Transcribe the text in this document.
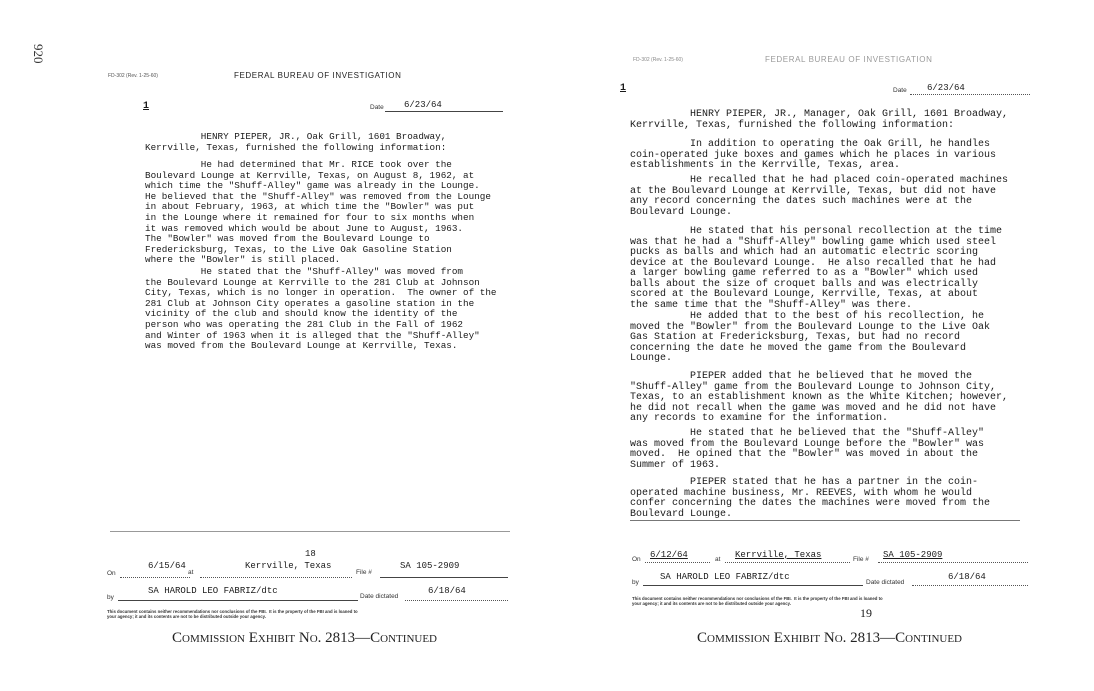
920
FD-302 (Rev. 1-25-60)	FEDERAL BUREAU OF INVESTIGATION
1	Date 6/23/64
HENRY PIEPER, JR., Oak Grill, 1601 Broadway,
Kerrville, Texas, furnished the following information:
He had determined that Mr. RICE took over the
Boulevard Lounge at Kerrville, Texas, on August 8, 1962, at
which time the "Shuff-Alley" game was already in the Lounge.
He believed that the "Shuff-Alley" was removed from the Lounge
in about February, 1963, at which time the "Bowler" was put
in the Lounge where it remained for four to six months when
it was removed which would be about June to August, 1963.
The "Bowler" was moved from the Boulevard Lounge to
Fredericksburg, Texas, to the Live Oak Gasoline Station
where the "Bowler" is still placed.
He stated that the "Shuff-Alley" was moved from
the Boulevard Lounge at Kerrville to the 281 Club at Johnson
City, Texas, which is no longer in operation.  The owner of the
281 Club at Johnson City operates a gasoline station in the
vicinity of the club and should know the identity of the
person who was operating the 281 Club in the Fall of 1962
and Winter of 1963 when it is alleged that the "Shuff-Alley"
was moved from the Boulevard Lounge at Kerrville, Texas.
18
On
6/15/64
at
Kerrville, Texas
File #
SA 105-2909
by
SA HAROLD LEO FABRIZ/dtc
Date dictated
6/18/64
This document contains neither recommendations nor conclusions of the FBI.  It is the property of the FBI and is loaned to
your agency; it and its contents are not to be distributed outside your agency.
Commission Exhibit No. 2813—Continued
FD-302 (Rev. 1-25-60)	FEDERAL BUREAU OF INVESTIGATION
1	Date 6/23/64
HENRY PIEPER, JR., Manager, Oak Grill, 1601 Broadway,
Kerrville, Texas, furnished the following information:
In addition to operating the Oak Grill, he handles
coin-operated juke boxes and games which he places in various
establishments in the Kerrville, Texas, area.
He recalled that he had placed coin-operated machines
at the Boulevard Lounge at Kerrville, Texas, but did not have
any record concerning the dates such machines were at the
Boulevard Lounge.
He stated that his personal recollection at the time
was that he had a "Shuff-Alley" bowling game which used steel
pucks as balls and which had an automatic electric scoring
device at the Boulevard Lounge.  He also recalled that he had
a larger bowling game referred to as a "Bowler" which used
balls about the size of croquet balls and was electrically
scored at the Boulevard Lounge, Kerrville, Texas, at about
the same time that the "Shuff-Alley" was there.
He added that to the best of his recollection, he
moved the "Bowler" from the Boulevard Lounge to the Live Oak
Gas Station at Fredericksburg, Texas, but had no record
concerning the date he moved the game from the Boulevard
Lounge.
PIEPER added that he believed that he moved the
"Shuff-Alley" game from the Boulevard Lounge to Johnson City,
Texas, to an establishment known as the White Kitchen; however,
he did not recall when the game was moved and he did not have
any records to examine for the information.
He stated that he believed that the "Shuff-Alley"
was moved from the Boulevard Lounge before the "Bowler" was
moved.  He opined that the "Bowler" was moved in about the
Summer of 1963.
PIEPER stated that he has a partner in the coin-
operated machine business, Mr. REEVES, with whom he would
confer concerning the dates the machines were moved from the
Boulevard Lounge.
On 6/12/64	at Kerrville, Texas	File # SA 105-2909
by
SA HAROLD LEO FABRIZ/dtc
Date dictated
6/18/64
This document contains neither recommendations nor conclusions of the FBI.  It is the property of the FBI and is loaned to
your agency; it and its contents are not to be distributed outside your agency.
19
Commission Exhibit No. 2813—Continued
